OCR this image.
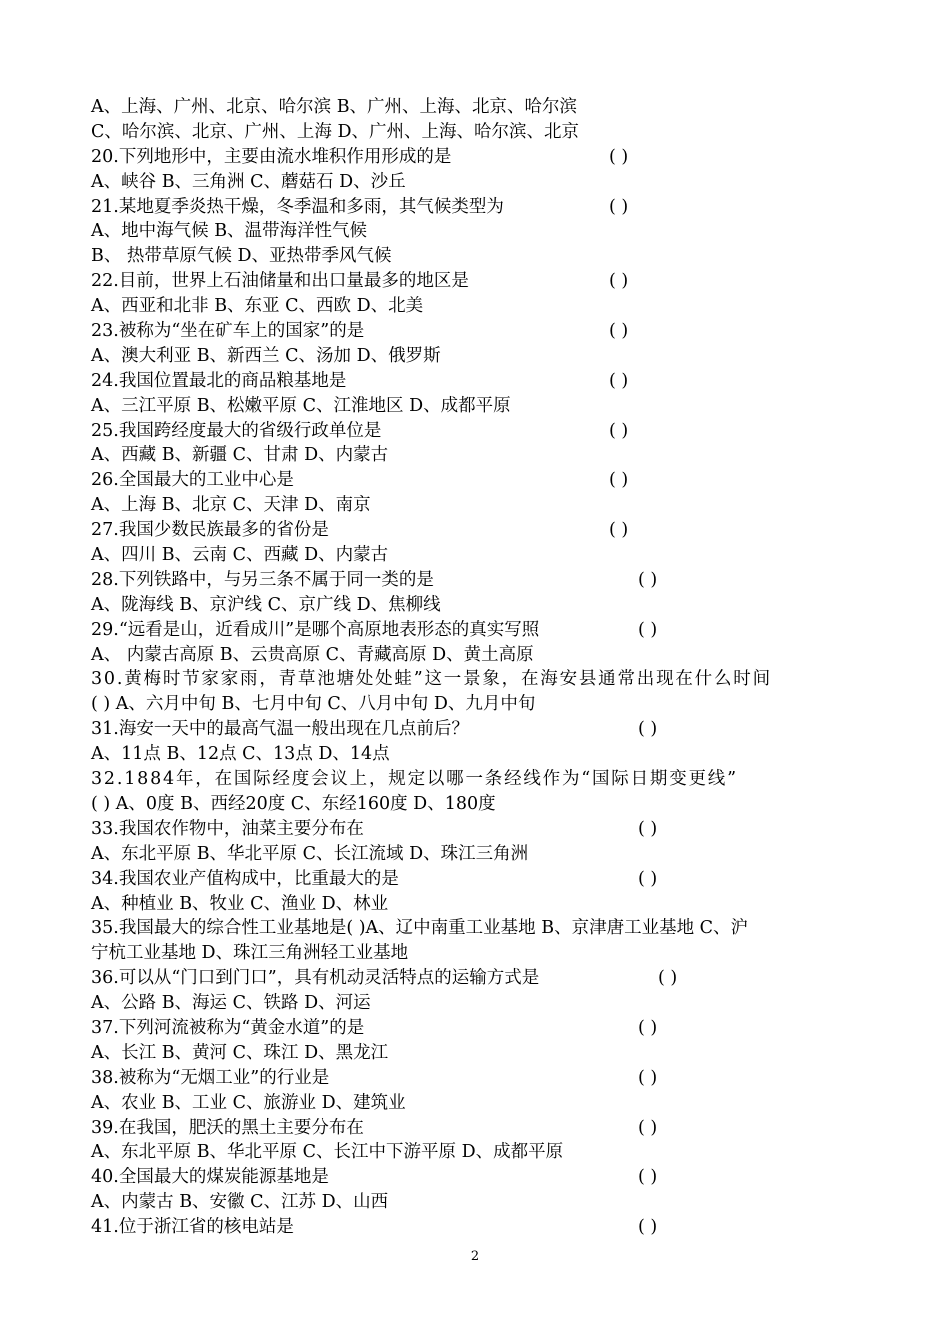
A、上海、广州、北京、哈尔滨 B、广州、上海、北京、哈尔滨
C、哈尔滨、北京、广州、上海 D、广州、上海、哈尔滨、北京
20.下列地形中，主要由流水堆积作用形成的是	( )
A、峡谷 B、三角洲 C、蘑菇石 D、沙丘
21.某地夏季炎热干燥，冬季温和多雨，其气候类型为	( )
A、地中海气候 B、温带海洋性气候
B、 热带草原气候 D、亚热带季风气候
22.目前，世界上石油储量和出口量最多的地区是	( )
A、西亚和北非 B、东亚 C、西欧 D、北美
23.被称为“坐在矿车上的国家”的是	( )
A、澳大利亚 B、新西兰 C、汤加 D、俄罗斯
24.我国位置最北的商品粮基地是	( )
A、三江平原 B、松嫩平原 C、江淮地区 D、成都平原
25.我国跨经度最大的省级行政单位是	( )
A、西藏 B、新疆 C、甘肃 D、内蒙古
26.全国最大的工业中心是	( )
A、上海 B、北京 C、天津 D、南京
27.我国少数民族最多的省份是	( )
A、四川 B、云南 C、西藏 D、内蒙古
28.下列铁路中，与另三条不属于同一类的是	( )
A、陇海线 B、京沪线 C、京广线 D、焦柳线
29.“远看是山，近看成川”是哪个高原地表形态的真实写照	( )
A、 内蒙古高原 B、云贵高原 C、青藏高原 D、黄土高原
30.黄梅时节家家雨，青草池塘处处蛙”这一景象，在海安县通常出现在什么时间
( ) A、六月中旬 B、七月中旬 C、八月中旬 D、九月中旬
31.海安一天中的最高气温一般出现在几点前后？	( )
A、11点 B、12点 C、13点 D、14点
32.1884年，在国际经度会议上，规定以哪一条经线作为“国际日期变更线”
( ) A、0度 B、西经20度 C、东经160度 D、180度
33.我国农作物中，油菜主要分布在	( )
A、东北平原 B、华北平原 C、长江流域 D、珠江三角洲
34.我国农业产值构成中，比重最大的是	( )
A、种植业 B、牧业 C、渔业 D、林业
35.我国最大的综合性工业基地是( )A、辽中南重工业基地 B、京津唐工业基地 C、沪
宁杭工业基地 D、珠江三角洲轻工业基地
36.可以从“门口到门口”，具有机动灵活特点的运输方式是	( )
A、公路 B、海运 C、铁路 D、河运
37.下列河流被称为“黄金水道”的是	( )
A、长江 B、黄河 C、珠江 D、黑龙江
38.被称为“无烟工业”的行业是	( )
A、农业 B、工业 C、旅游业 D、建筑业
39.在我国，肥沃的黑土主要分布在	( )
A、东北平原 B、华北平原 C、长江中下游平原 D、成都平原
40.全国最大的煤炭能源基地是	( )
A、内蒙古 B、安徽 C、江苏 D、山西
41.位于浙江省的核电站是	( )
2
